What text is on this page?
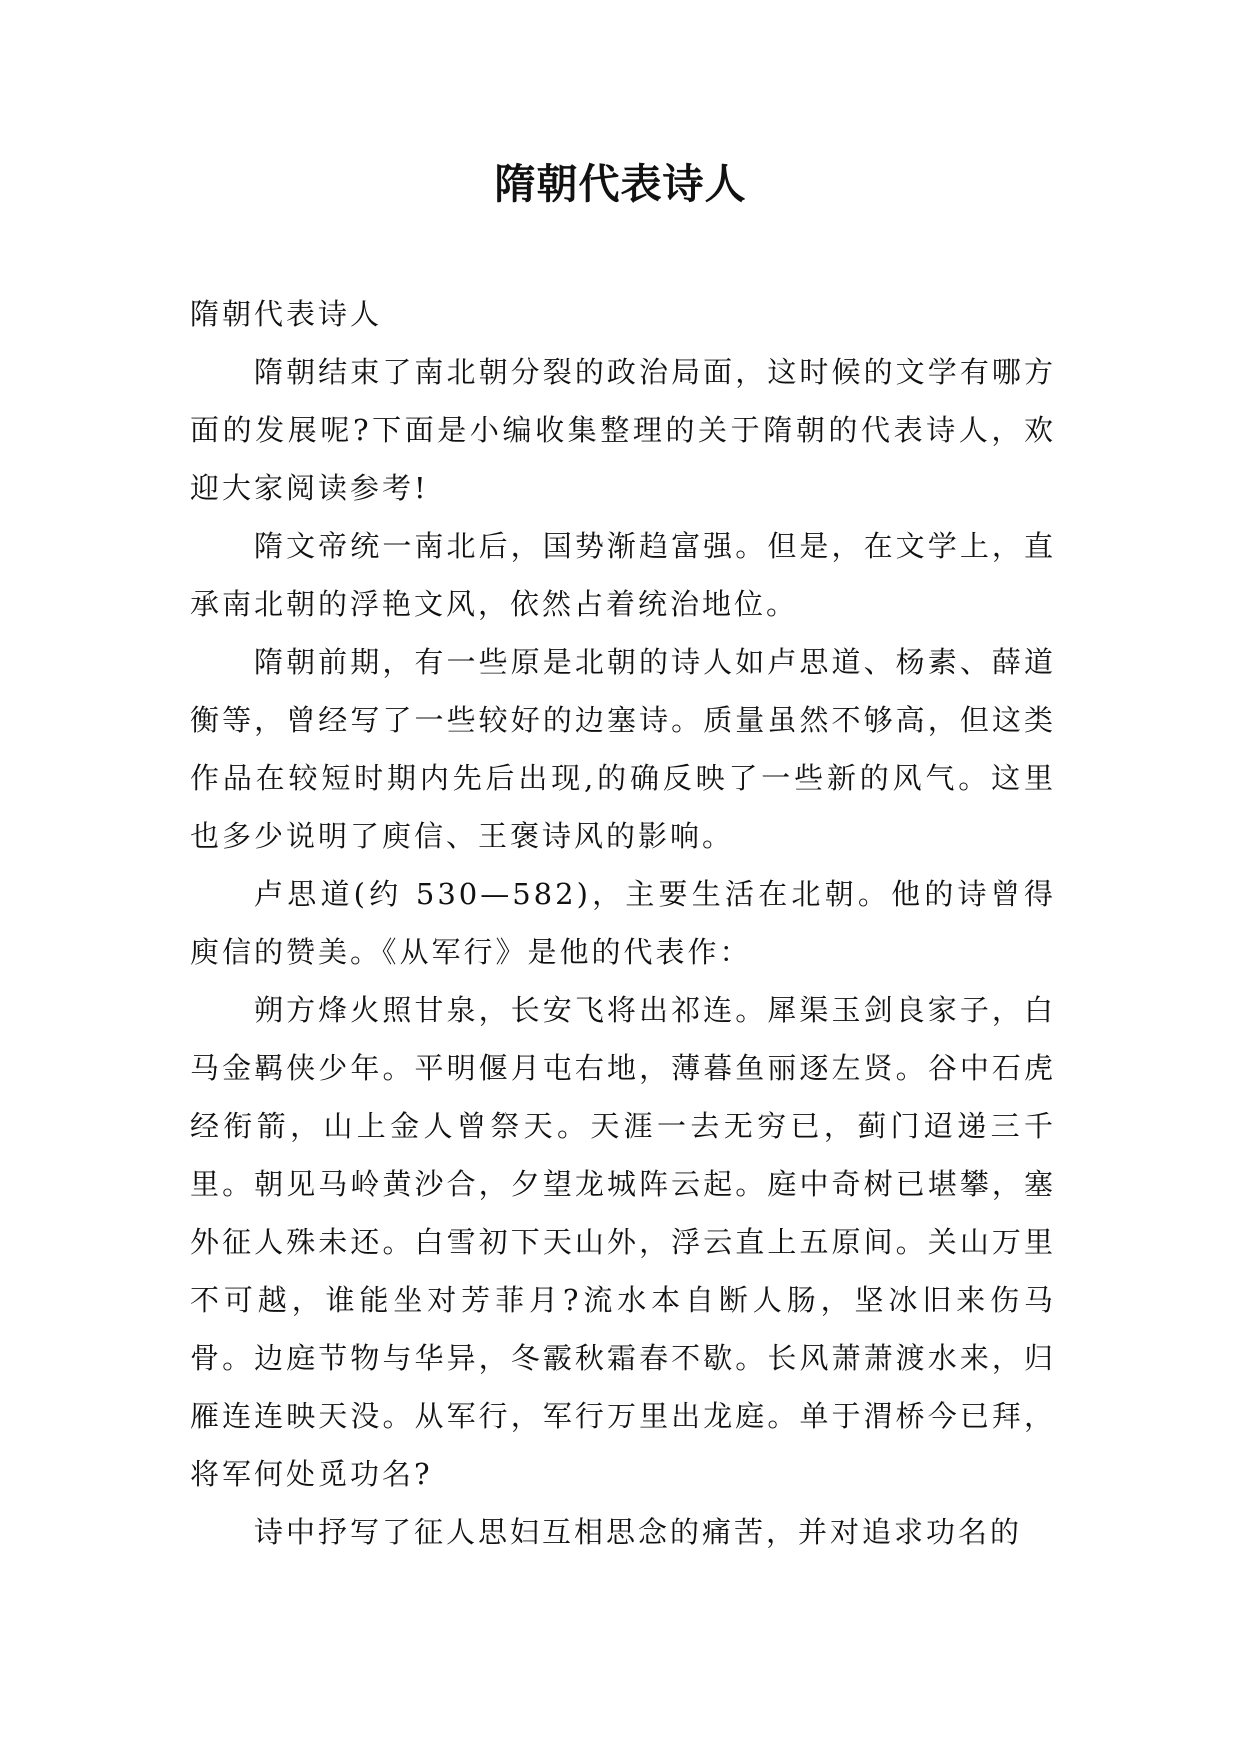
隋朝代表诗人

隋朝代表诗人

隋朝结束了南北朝分裂的政治局面，这时候的文学有哪方面的发展呢?下面是小编收集整理的关于隋朝的代表诗人，欢迎大家阅读参考!

隋文帝统一南北后，国势渐趋富强。但是，在文学上，直承南北朝的浮艳文风，依然占着统治地位。

隋朝前期，有一些原是北朝的诗人如卢思道、杨素、薛道衡等，曾经写了一些较好的边塞诗。质量虽然不够高，但这类作品在较短时期内先后出现,的确反映了一些新的风气。这里也多少说明了庾信、王褒诗风的影响。

卢思道(约 530—582)，主要生活在北朝。他的诗曾得庾信的赞美。《从军行》是他的代表作：

朔方烽火照甘泉，长安飞将出祁连。犀渠玉剑良家子，白马金羁侠少年。平明偃月屯右地，薄暮鱼丽逐左贤。谷中石虎经衔箭，山上金人曾祭天。天涯一去无穷已，蓟门迢递三千里。朝见马岭黄沙合，夕望龙城阵云起。庭中奇树已堪攀，塞外征人殊未还。白雪初下天山外，浮云直上五原间。关山万里不可越，谁能坐对芳菲月?流水本自断人肠，坚冰旧来伤马骨。边庭节物与华异，冬霰秋霜春不歇。长风萧萧渡水来，归雁连连映天没。从军行，军行万里出龙庭。单于渭桥今已拜，将军何处觅功名?

诗中抒写了征人思妇互相思念的痛苦，并对追求功名的
